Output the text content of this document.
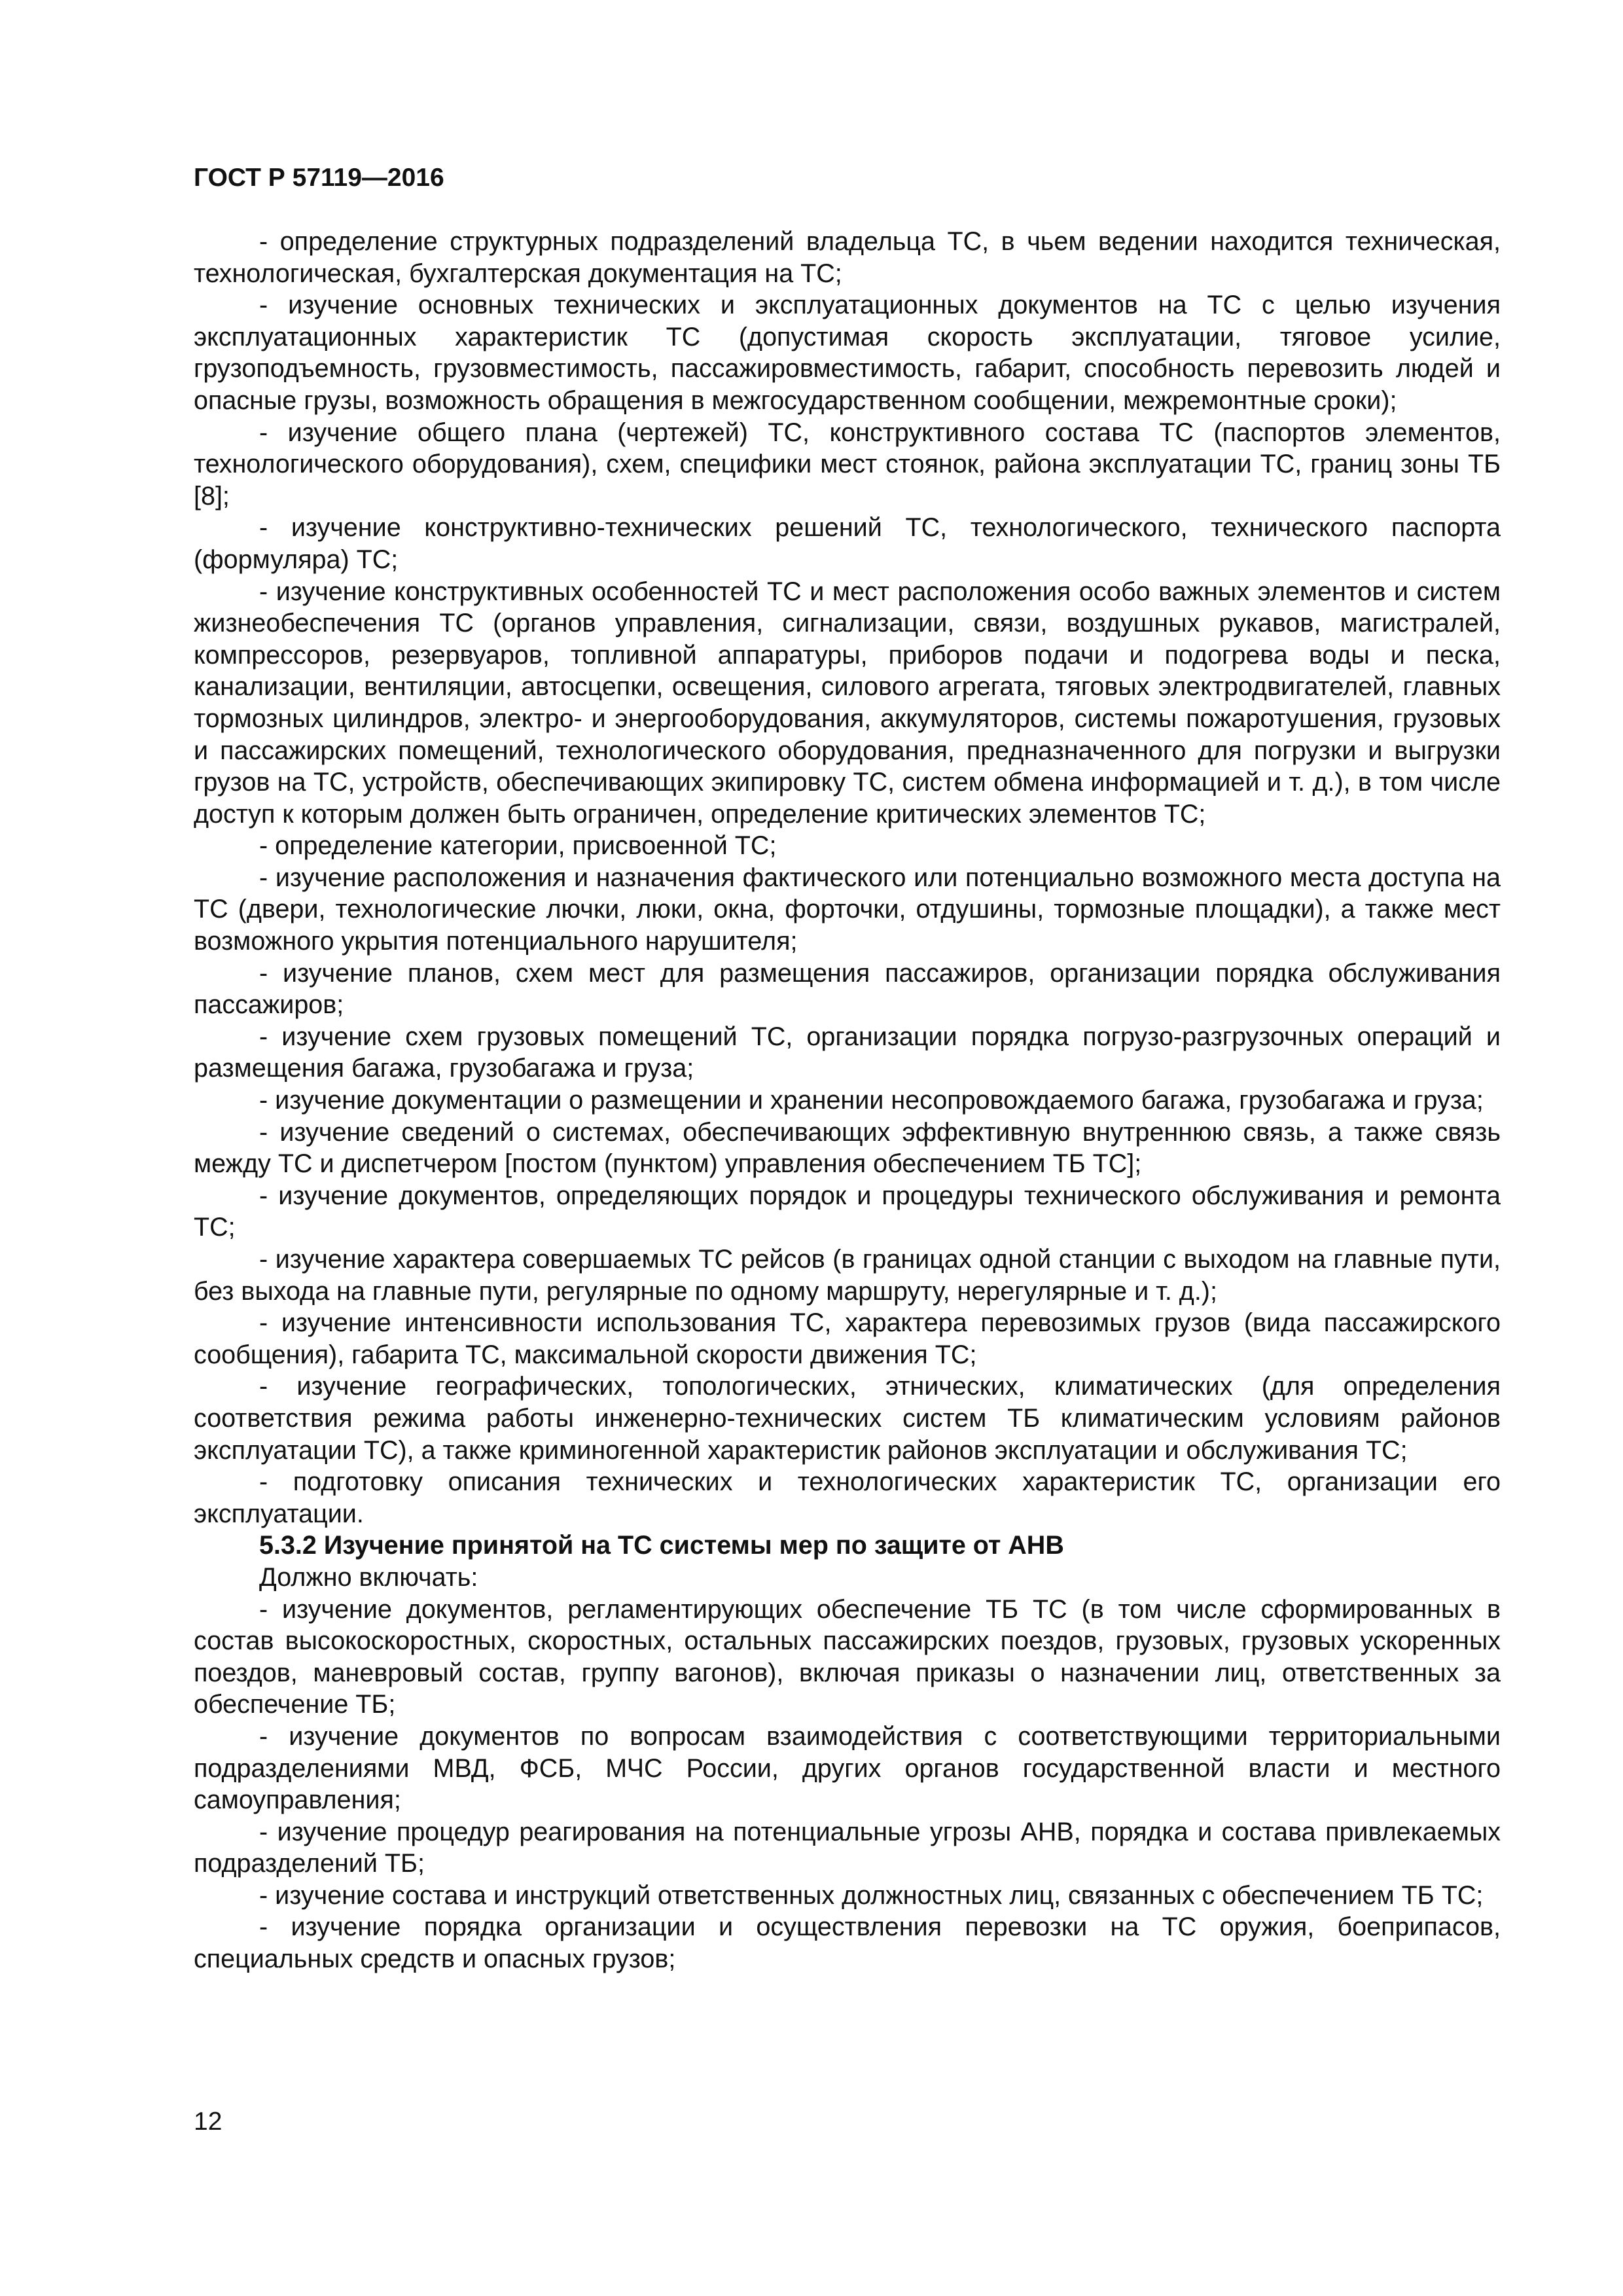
ГОСТ Р 57119—2016

- определение структурных подразделений владельца ТС, в чьем ведении находится техническая, технологическая, бухгалтерская документация на ТС;

- изучение основных технических и эксплуатационных документов на ТС с целью изучения эксплуатационных характеристик ТС (допустимая скорость эксплуатации, тяговое усилие, грузоподъемность, грузовместимость, пассажировместимость, габарит, способность перевозить людей и опасные грузы, возможность обращения в межгосударственном сообщении, межремонтные сроки);

- изучение общего плана (чертежей) ТС, конструктивного состава ТС (паспортов элементов, технологического оборудования), схем, специфики мест стоянок, района эксплуатации ТС, границ зоны ТБ [8];

- изучение конструктивно-технических решений ТС, технологического, технического паспорта (формуляра) ТС;

- изучение конструктивных особенностей ТС и мест расположения особо важных элементов и систем жизнеобеспечения ТС (органов управления, сигнализации, связи, воздушных рукавов, магистралей, компрессоров, резервуаров, топливной аппаратуры, приборов подачи и подогрева воды и песка, канализации, вентиляции, автосцепки, освещения, силового агрегата, тяговых электродвигателей, главных тормозных цилиндров, электро- и энергооборудования, аккумуляторов, системы пожаротушения, грузовых и пассажирских помещений, технологического оборудования, предназначенного для погрузки и выгрузки грузов на ТС, устройств, обеспечивающих экипировку ТС, систем обмена информацией и т. д.), в том числе доступ к которым должен быть ограничен, определение критических элементов ТС;

- определение категории, присвоенной ТС;

- изучение расположения и назначения фактического или потенциально возможного места доступа на ТС (двери, технологические лючки, люки, окна, форточки, отдушины, тормозные площадки), а также мест возможного укрытия потенциального нарушителя;

- изучение планов, схем мест для размещения пассажиров, организации порядка обслуживания пассажиров;

- изучение схем грузовых помещений ТС, организации порядка погрузо-разгрузочных операций и размещения багажа, грузобагажа и груза;

- изучение документации о размещении и хранении несопровождаемого багажа, грузобагажа и груза;

- изучение сведений о системах, обеспечивающих эффективную внутреннюю связь, а также связь между ТС и диспетчером [постом (пунктом) управления обеспечением ТБ ТС];

- изучение документов, определяющих порядок и процедуры технического обслуживания и ремонта ТС;

- изучение характера совершаемых ТС рейсов (в границах одной станции с выходом на главные пути, без выхода на главные пути, регулярные по одному маршруту, нерегулярные и т. д.);

- изучение интенсивности использования ТС, характера перевозимых грузов (вида пассажирского сообщения), габарита ТС, максимальной скорости движения ТС;

- изучение географических, топологических, этнических, климатических (для определения соответствия режима работы инженерно-технических систем ТБ климатическим условиям районов эксплуатации ТС), а также криминогенной характеристик районов эксплуатации и обслуживания ТС;

- подготовку описания технических и технологических характеристик ТС, организации его эксплуатации.

5.3.2 Изучение принятой на ТС системы мер по защите от АНВ

Должно включать:

- изучение документов, регламентирующих обеспечение ТБ ТС (в том числе сформированных в состав высокоскоростных, скоростных, остальных пассажирских поездов, грузовых, грузовых ускоренных поездов, маневровый состав, группу вагонов), включая приказы о назначении лиц, ответственных за обеспечение ТБ;

- изучение документов по вопросам взаимодействия с соответствующими территориальными подразделениями МВД, ФСБ, МЧС России, других органов государственной власти и местного самоуправления;

- изучение процедур реагирования на потенциальные угрозы АНВ, порядка и состава привлекаемых подразделений ТБ;

- изучение состава и инструкций ответственных должностных лиц, связанных с обеспечением ТБ ТС;

- изучение порядка организации и осуществления перевозки на ТС оружия, боеприпасов, специальных средств и опасных грузов;

12
